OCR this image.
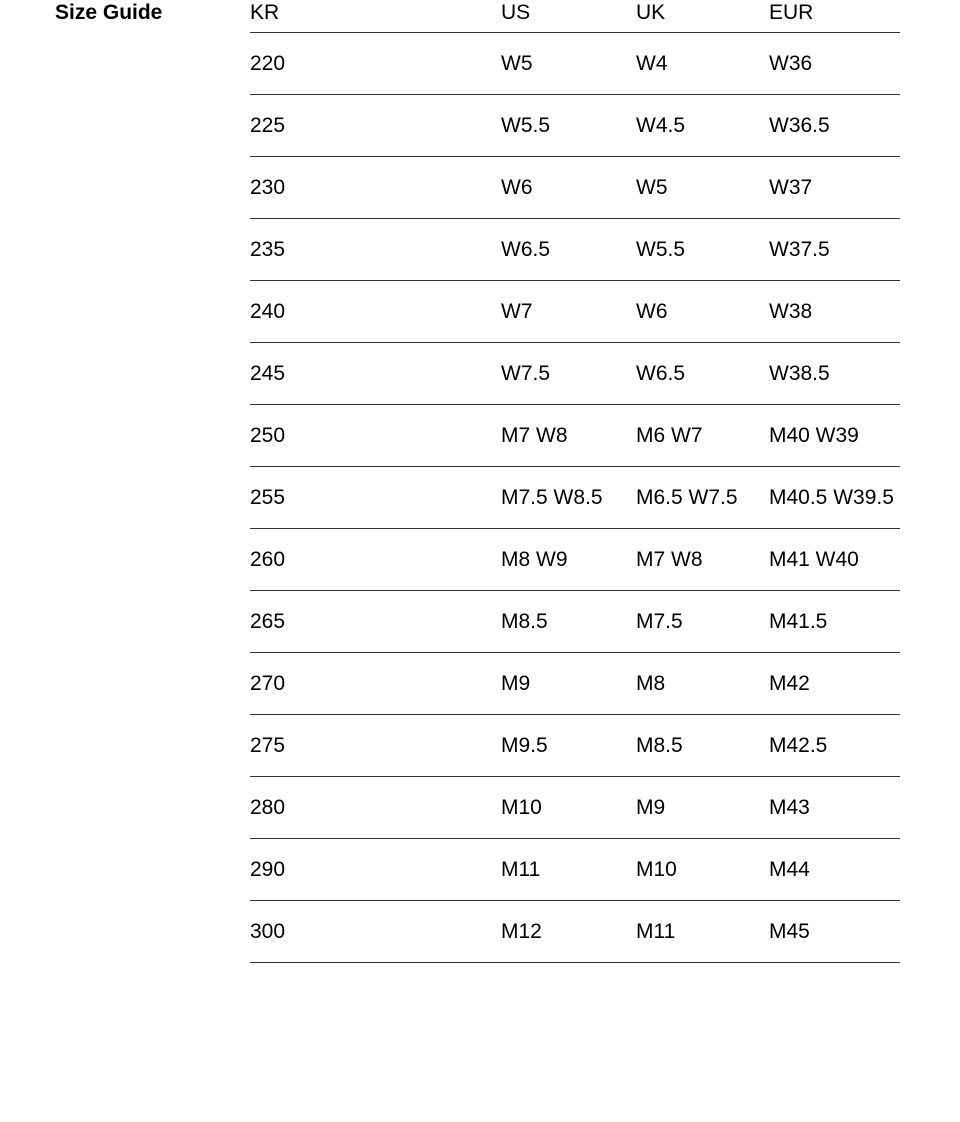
Size Guide	KR	US	UK	EUR
220	W5	W4	W36
225	W5.5	W4.5	W36.5
230	W6	W5	W37
235	W6.5	W5.5	W37.5
240	W7	W6	W38
245	W7.5	W6.5	W38.5
250	M7 W8	M6 W7	M40 W39
255	M7.5 W8.5	M6.5 W7.5	M40.5 W39.5
260	M8 W9	M7 W8	M41 W40
265	M8.5	M7.5	M41.5
270	M9	M8	M42
275	M9.5	M8.5	M42.5
280	M10	M9	M43
290	M11	M10	M44
300	M12	M11	M45
